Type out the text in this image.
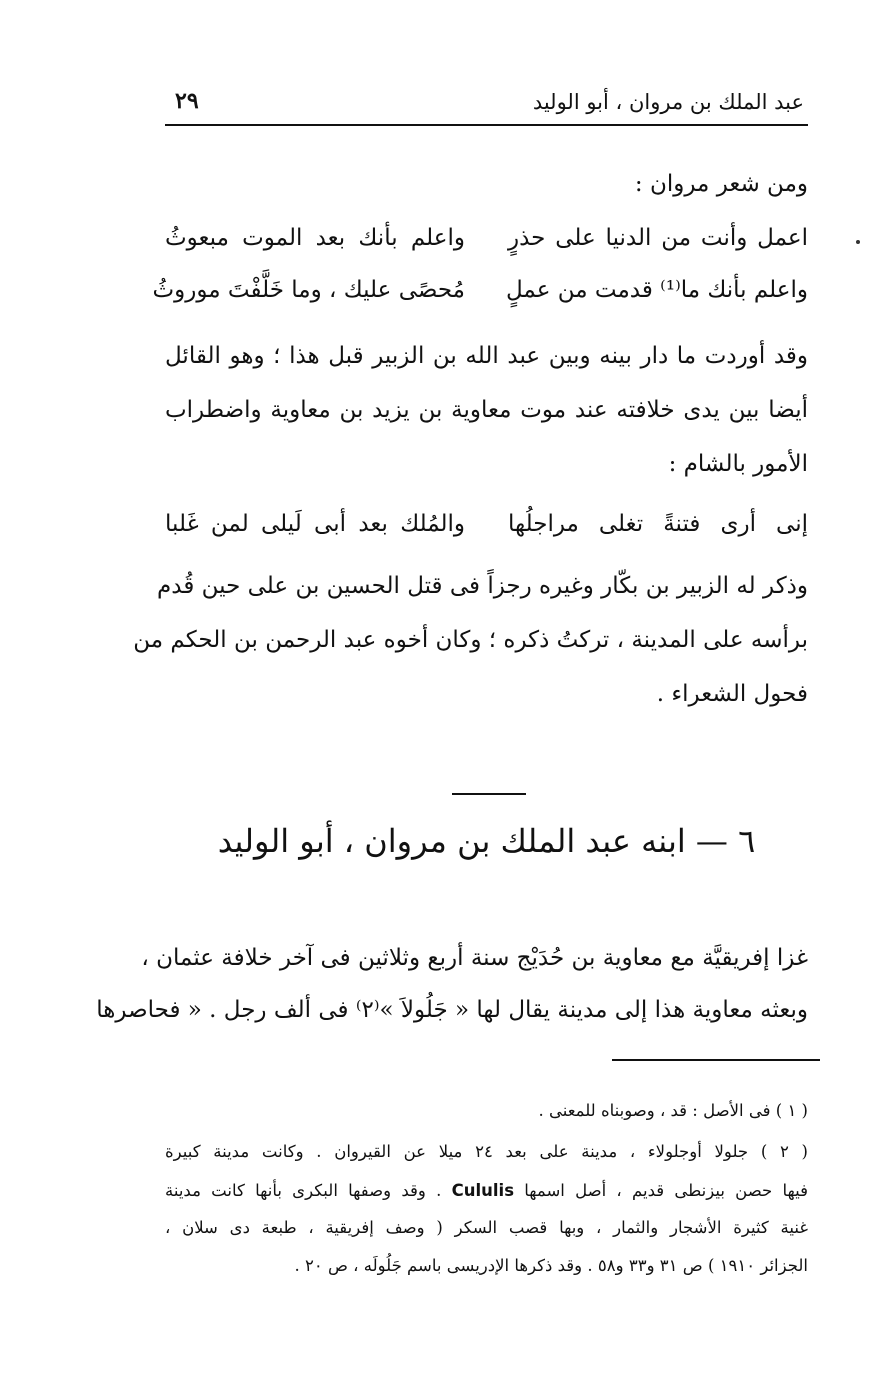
عبد الملك بن مروان ، أبو الوليد
٢٩
ومن شعر مروان :
اعمل وأنت من الدنيا على حذرٍ
واعلم بأنك بعد الموت مبعوثُ
واعلم بأنك ما⁽¹⁾ قدمت من عملٍ
مُحصًى عليك ، وما خَلَّفْتَ موروثُ
وقد أوردت ما دار بينه وبين عبد الله بن الزبير قبل هذا ؛ وهو القائل
أيضا بين يدى خلافته عند موت معاوية بن يزيد بن معاوية واضطراب
الأمور بالشام :
إنى أرى فتنةً تغلى مراجلُها
والمُلك بعد أبى لَيلى لمن غَلبا
وذكر له الزبير بن بكّار وغيره رجزاً فى قتل الحسين بن على حين قُدم
برأسه على المدينة ، تركتُ ذكره ؛ وكان أخوه عبد الرحمن بن الحكم من
فحول الشعراء .
٦ — ابنه عبد الملك بن مروان ، أبو الوليد
غزا إفريقيَّة مع معاوية بن حُدَيْج سنة أربع وثلاثين فى آخر خلافة عثمان ،
وبعثه معاوية هذا إلى مدينة يقال لها « جَلُولاَ »⁽٢⁾ فى ألف رجل . « فحاصرها
( ١ ) فى الأصل : قد ، وصوبناه للمعنى .
( ٢ ) جلولا أوجلولاء ، مدينة على بعد ٢٤ ميلا عن القيروان . وكانت مدينة كبيرة
فيها حصن بيزنطى قديم ، أصل اسمها Cululis . وقد وصفها البكرى بأنها كانت مدينة
غنية كثيرة الأشجار والثمار ، وبها قصب السكر ( وصف إفريقية ، طبعة دى سلان ،
الجزائر ١٩١٠ ) ص ٣١ و٣٣ و٥٨ . وقد ذكرها الإدريسى باسم جَلُولَه ، ص ٢٠ .
